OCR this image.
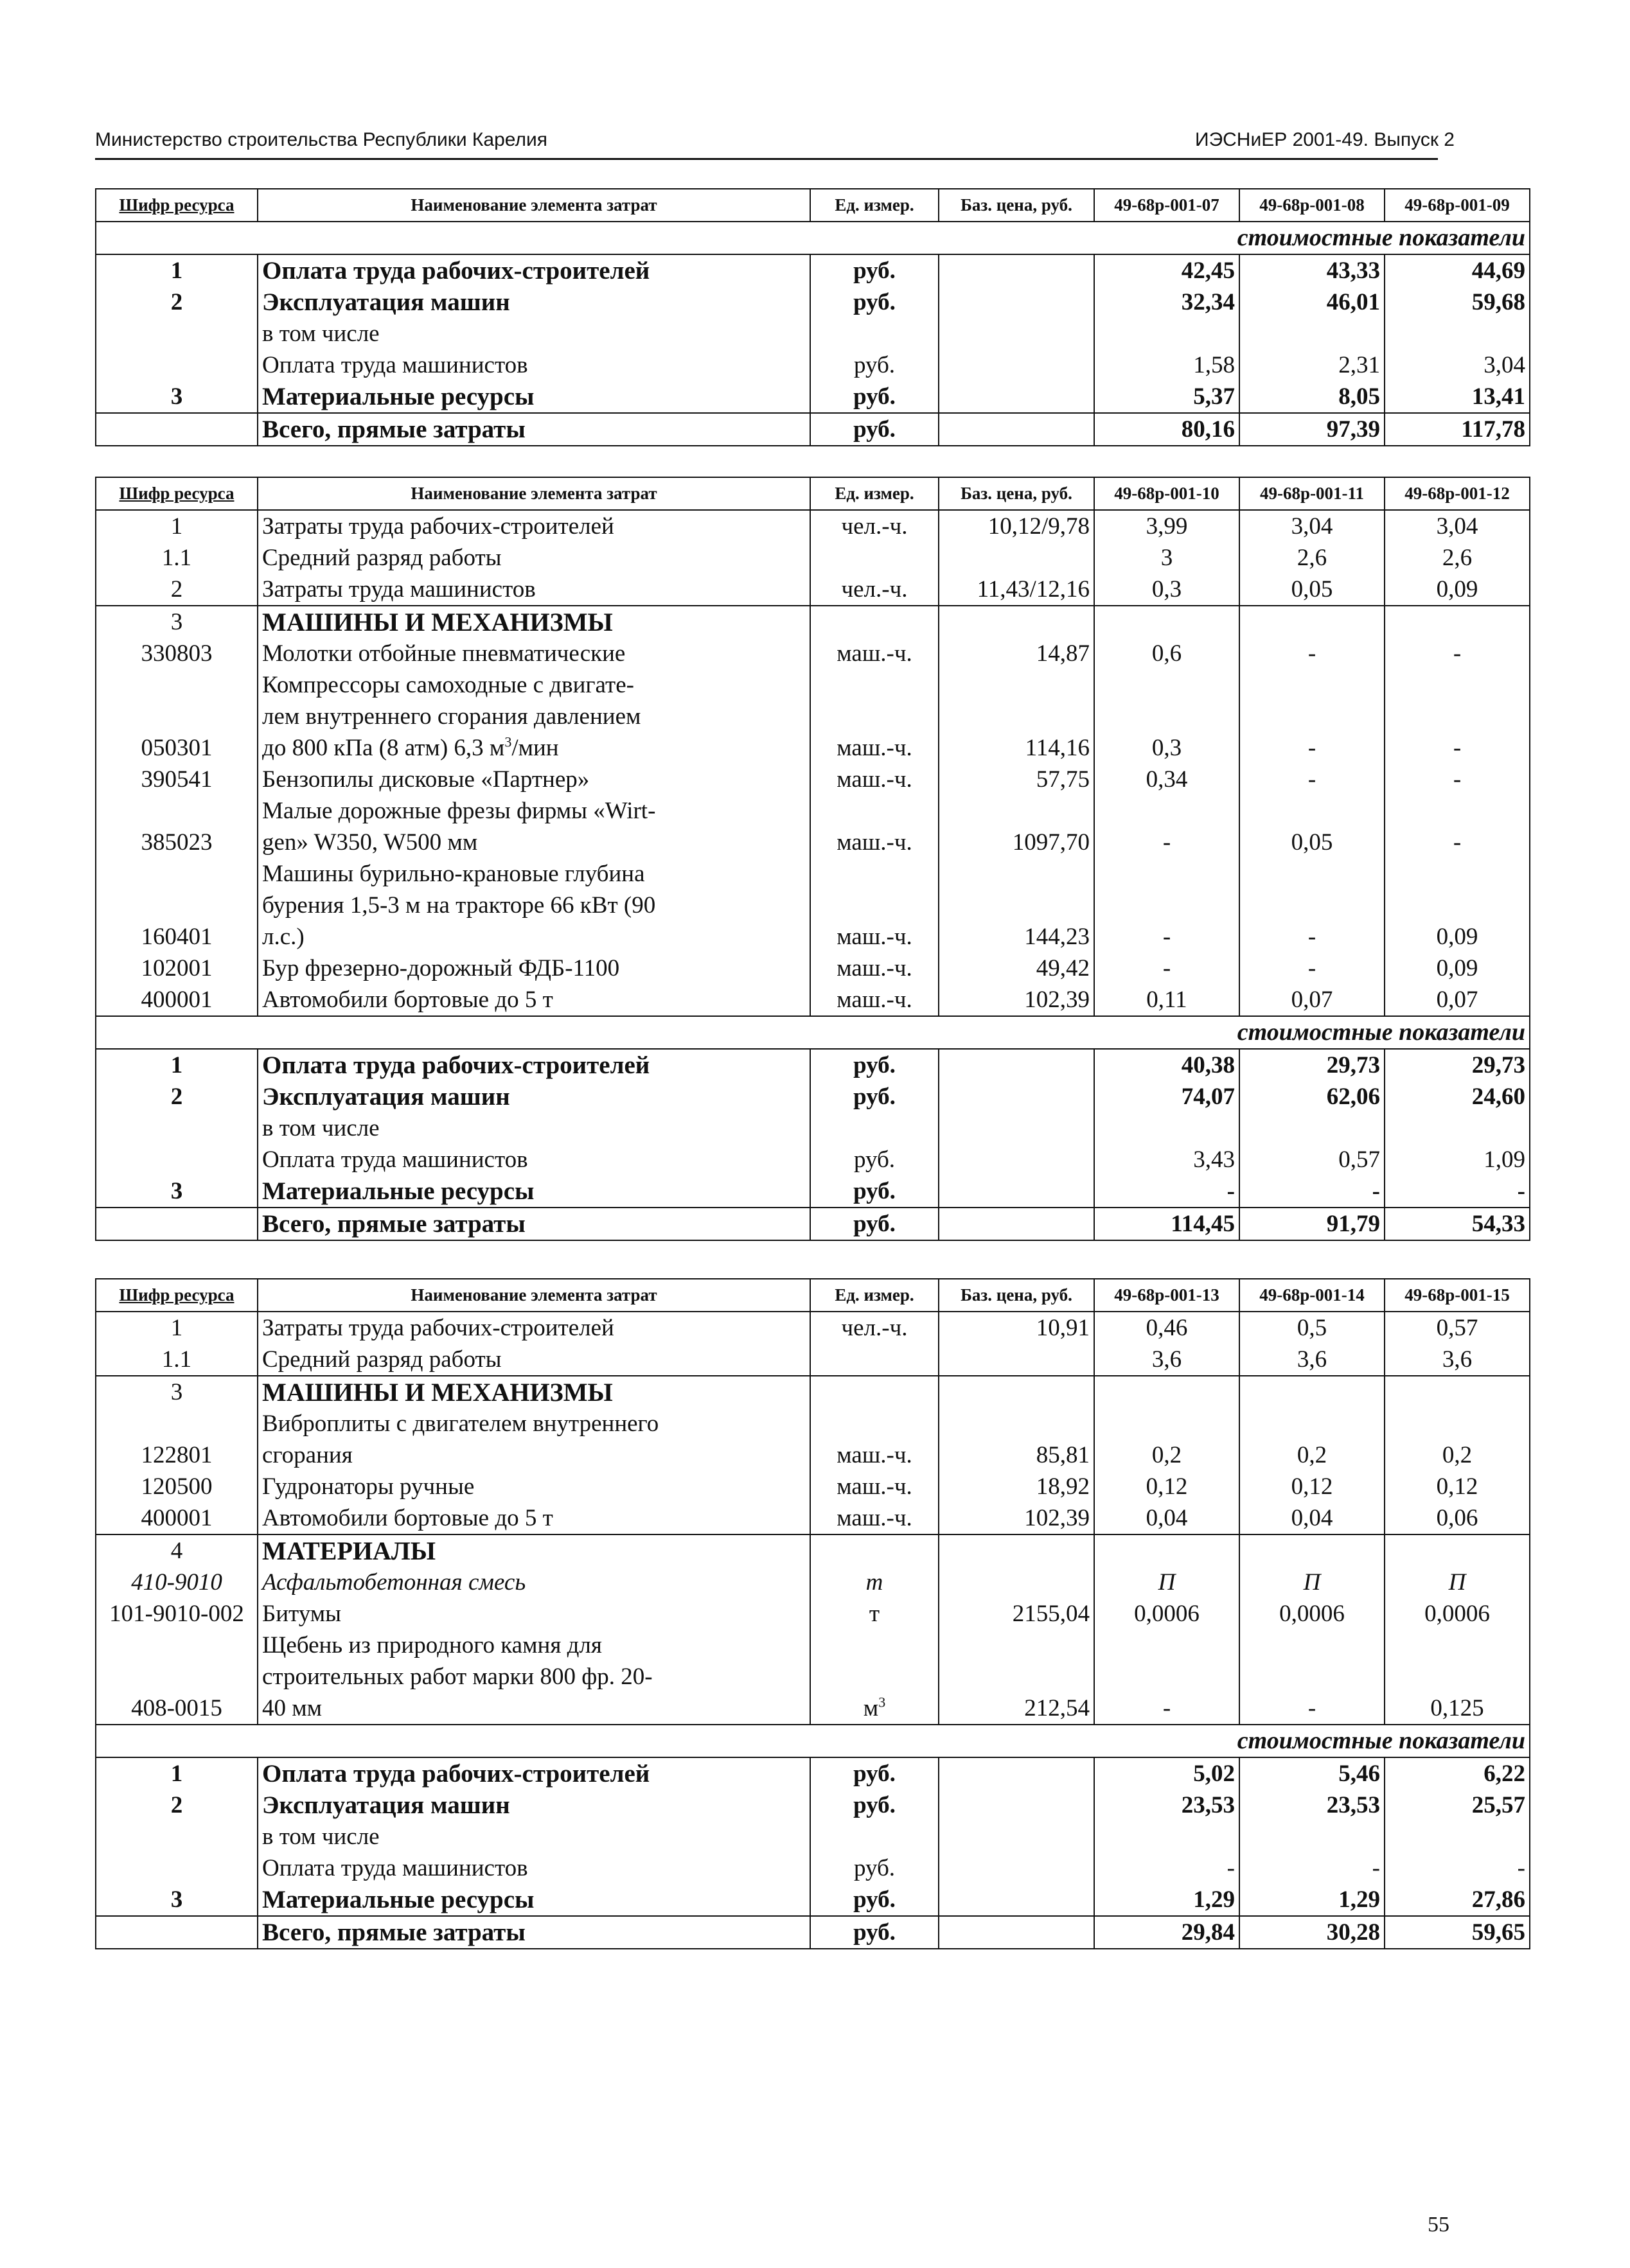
Министерство строительства Республики Карелия	ИЭСНиЕР 2001-49. Выпуск 2
Шифр ресурса	Наименование элемента затрат	Ед. измер.	Баз. цена, руб.	49-68р-001-07	49-68р-001-08	49-68р-001-09
стоимостные показатели						
1	Оплата труда рабочих-строителей	руб.		42,45	43,33	44,69
2	Эксплуатация машин	руб.		32,34	46,01	59,68
	в том числе					
	Оплата труда машинистов	руб.		1,58	2,31	3,04
3	Материальные ресурсы	руб.		5,37	8,05	13,41
	Всего, прямые затраты	руб.		80,16	97,39	117,78
Шифр ресурса	Наименование элемента затрат	Ед. измер.	Баз. цена, руб.	49-68р-001-10	49-68р-001-11	49-68р-001-12
1	Затраты труда рабочих-строителей	чел.-ч.	10,12/9,78	3,99	3,04	3,04
1.1	Средний разряд работы			3	2,6	2,6
2	Затраты труда машинистов	чел.-ч.	11,43/12,16	0,3	0,05	0,09
3	МАШИНЫ И МЕХАНИЗМЫ					
330803	Молотки отбойные пневматические	маш.-ч.	14,87	0,6	-	-
	Компрессоры самоходные с двигате-					
	лем внутреннего сгорания давлением					
050301	до 800 кПа (8 атм) 6,3 $м^3$/мин	маш.-ч.	114,16	0,3	-	-
390541	Бензопилы дисковые «Партнер»	маш.-ч.	57,75	0,34	-	-
	Малые дорожные фрезы фирмы «Wirt-					
385023	gen» W350, W500 мм	маш.-ч.	1097,70	-	0,05	-
	Машины бурильно-крановые глубина					
	бурения 1,5-3 м на тракторе 66 кВт (90					
160401	л.с.)	маш.-ч.	144,23	-	-	0,09
102001	Бур фрезерно-дорожный ФДБ-1100	маш.-ч.	49,42	-	-	0,09
400001	Автомобили бортовые до 5 т	маш.-ч.	102,39	0,11	0,07	0,07
стоимостные показатели						
1	Оплата труда рабочих-строителей	руб.		40,38	29,73	29,73
2	Эксплуатация машин	руб.		74,07	62,06	24,60
	в том числе					
	Оплата труда машинистов	руб.		3,43	0,57	1,09
3	Материальные ресурсы	руб.		-	-	-
	Всего, прямые затраты	руб.		114,45	91,79	54,33
Шифр ресурса	Наименование элемента затрат	Ед. измер.	Баз. цена, руб.	49-68р-001-13	49-68р-001-14	49-68р-001-15
1	Затраты труда рабочих-строителей	чел.-ч.	10,91	0,46	0,5	0,57
1.1	Средний разряд работы			3,6	3,6	3,6
3	МАШИНЫ И МЕХАНИЗМЫ					
	Виброплиты с двигателем внутреннего					
122801	сгорания	маш.-ч.	85,81	0,2	0,2	0,2
120500	Гудронаторы ручные	маш.-ч.	18,92	0,12	0,12	0,12
400001	Автомобили бортовые до 5 т	маш.-ч.	102,39	0,04	0,04	0,06
4	МАТЕРИАЛЫ					
410-9010	Асфальтобетонная смесь	т		П	П	П
101-9010-002	Битумы	т	2155,04	0,0006	0,0006	0,0006
	Щебень из природного камня для					
	строительных работ марки 800 фр. 20-					
408-0015	40 мм	$м^3$	212,54	-	-	0,125
стоимостные показатели						
1	Оплата труда рабочих-строителей	руб.		5,02	5,46	6,22
2	Эксплуатация машин	руб.		23,53	23,53	25,57
	в том числе					
	Оплата труда машинистов	руб.		-	-	-
3	Материальные ресурсы	руб.		1,29	1,29	27,86
	Всего, прямые затраты	руб.		29,84	30,28	59,65
55
